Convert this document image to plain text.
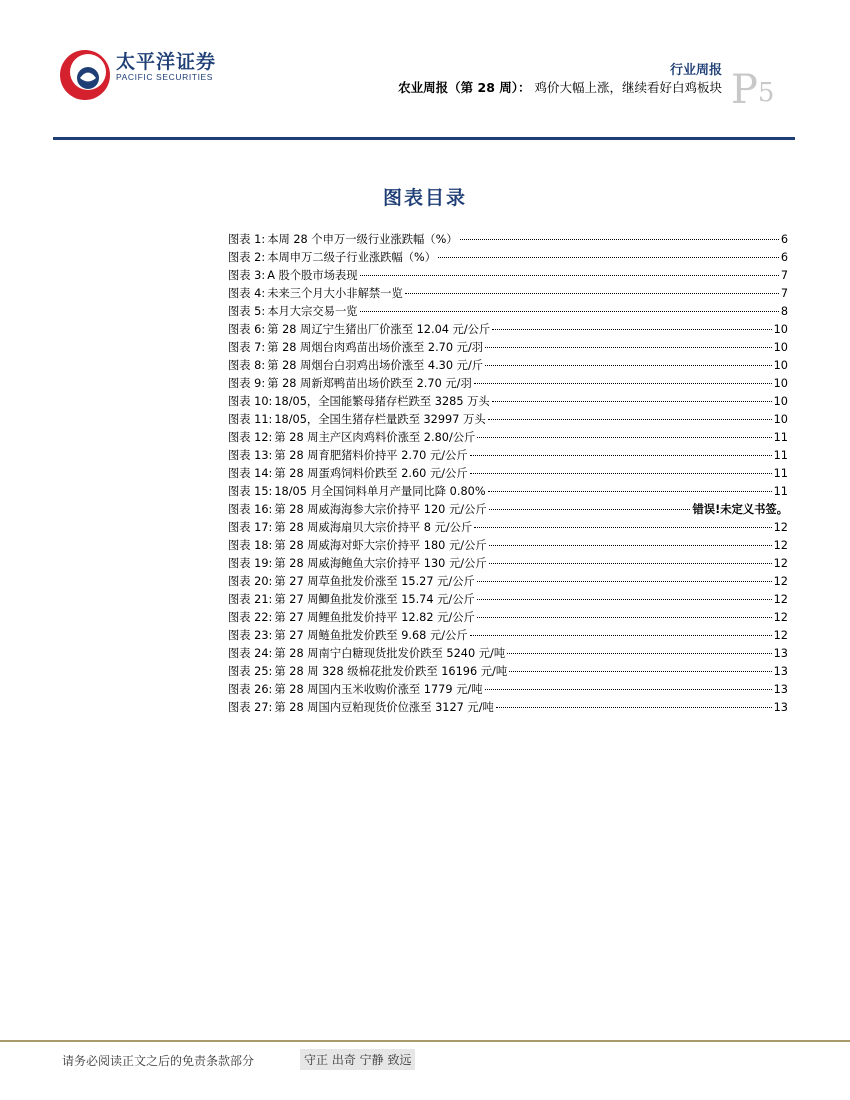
太平洋证券
PACIFIC SECURITIES	行业周报
农业周报（第 28 周）： 鸡价大幅上涨，继续看好白鸡板块 $P_5$
图表目录
图表 1: 本周 28 个申万一级行业涨跌幅（%）	6
图表 2: 本周申万二级子行业涨跌幅（%）	6
图表 3: A 股个股市场表现	7
图表 4: 未来三个月大小非解禁一览	7
图表 5: 本月大宗交易一览	8
图表 6: 第 28 周辽宁生猪出厂价涨至 12.04 元/公斤	10
图表 7: 第 28 周烟台肉鸡苗出场价涨至 2.70 元/羽	10
图表 8: 第 28 周烟台白羽鸡出场价涨至 4.30 元/斤	10
图表 9: 第 28 周新郑鸭苗出场价跌至 2.70 元/羽	10
图表 10: 18/05，全国能繁母猪存栏跌至 3285 万头	10
图表 11: 18/05，全国生猪存栏量跌至 32997 万头	10
图表 12: 第 28 周主产区肉鸡料价涨至 2.80/公斤	11
图表 13: 第 28 周育肥猪料价持平 2.70 元/公斤	11
图表 14: 第 28 周蛋鸡饲料价跌至 2.60 元/公斤	11
图表 15: 18/05 月全国饲料单月产量同比降 0.80%	11
图表 16: 第 28 周威海海参大宗价持平 120 元/公斤	错误!未定义书签。
图表 17: 第 28 周威海扇贝大宗价持平 8 元/公斤	12
图表 18: 第 28 周威海对虾大宗价持平 180 元/公斤	12
图表 19: 第 28 周威海鲍鱼大宗价持平 130 元/公斤	12
图表 20: 第 27 周草鱼批发价涨至 15.27 元/公斤	12
图表 21: 第 27 周鲫鱼批发价涨至 15.74 元/公斤	12
图表 22: 第 27 周鲤鱼批发价持平 12.82 元/公斤	12
图表 23: 第 27 周鲢鱼批发价跌至 9.68 元/公斤	12
图表 24: 第 28 周南宁白糖现货批发价跌至 5240 元/吨	13
图表 25: 第 28 周 328 级棉花批发价跌至 16196 元/吨	13
图表 26: 第 28 周国内玉米收购价涨至 1779 元/吨	13
图表 27: 第 28 周国内豆粕现货价位涨至 3127 元/吨	13
请务必阅读正文之后的免责条款部分	守正 出奇 宁静 致远
